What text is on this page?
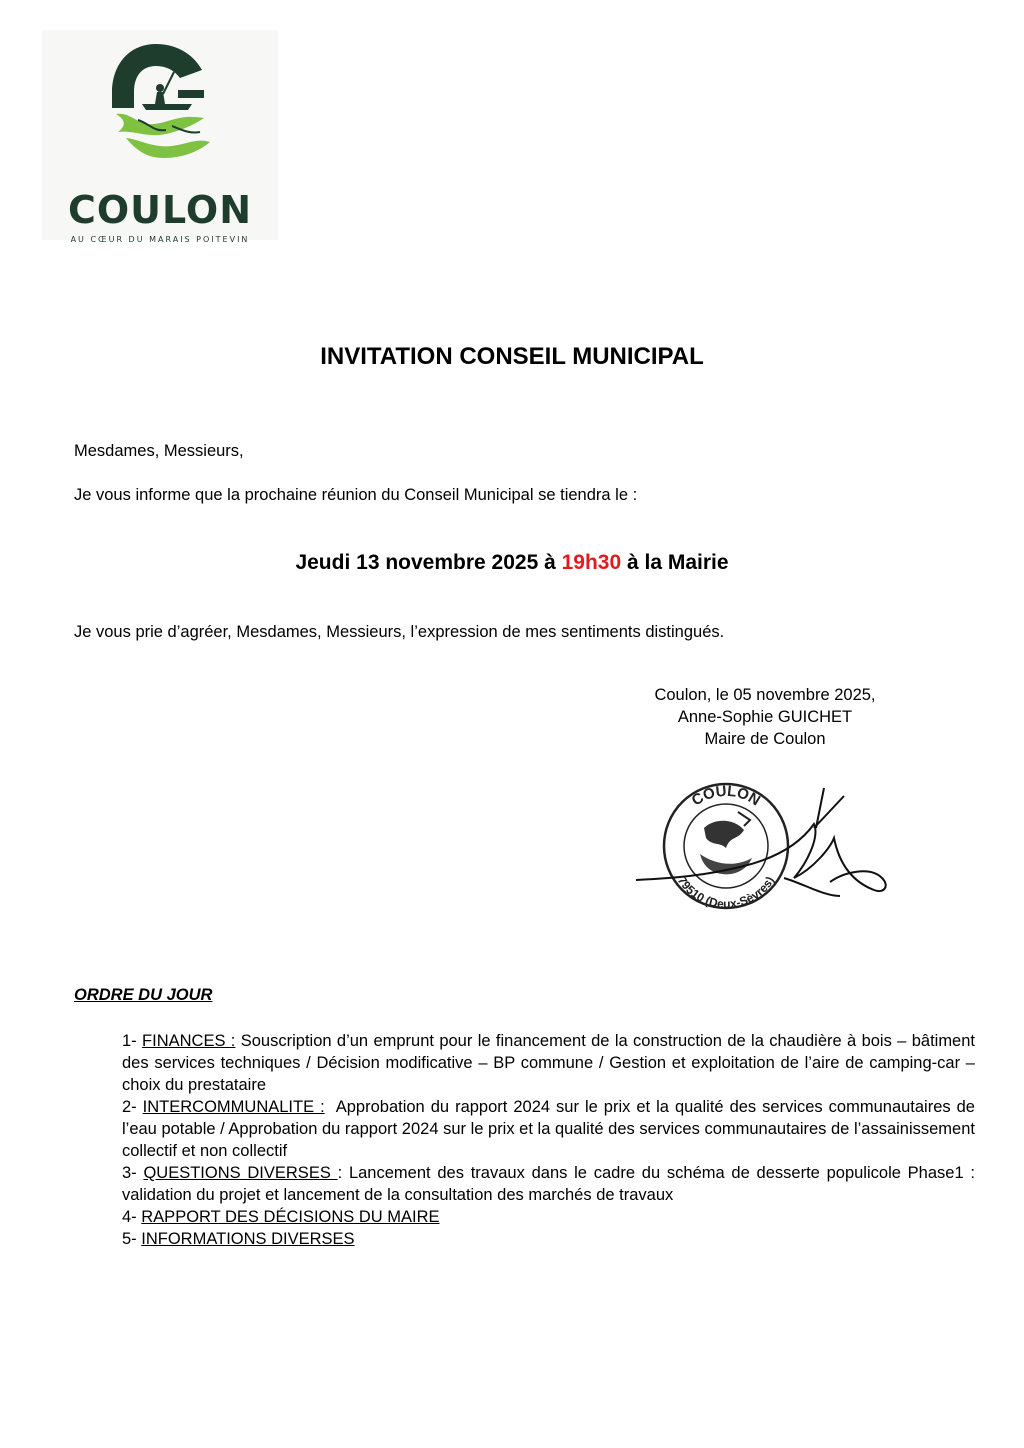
COULON
AU CŒUR DU MARAIS POITEVIN
INVITATION CONSEIL MUNICIPAL
Mesdames, Messieurs,
Je vous informe que la prochaine réunion du Conseil Municipal se tiendra le :
Jeudi 13 novembre 2025 à 19h30 à la Mairie
Je vous prie d’agréer, Mesdames, Messieurs, l’expression de mes sentiments distingués.
Coulon, le 05 novembre 2025,
Anne-Sophie GUICHET
Maire de Coulon
COULON
79510 (Deux-Sèvres)
ORDRE DU JOUR
1- FINANCES : Souscription d’un emprunt pour le financement de la construction de la chaudière à bois – bâtiment des services techniques / Décision modificative – BP commune / Gestion et exploitation de l’aire de camping-car – choix du prestataire
2- INTERCOMMUNALITE :  Approbation du rapport 2024 sur le prix et la qualité des services communautaires de l’eau potable / Approbation du rapport 2024 sur le prix et la qualité des services communautaires de l’assainissement collectif et non collectif
3- QUESTIONS DIVERSES : Lancement des travaux dans le cadre du schéma de desserte populicole Phase1 : validation du projet et lancement de la consultation des marchés de travaux
4- RAPPORT DES DÉCISIONS DU MAIRE
5- INFORMATIONS DIVERSES
